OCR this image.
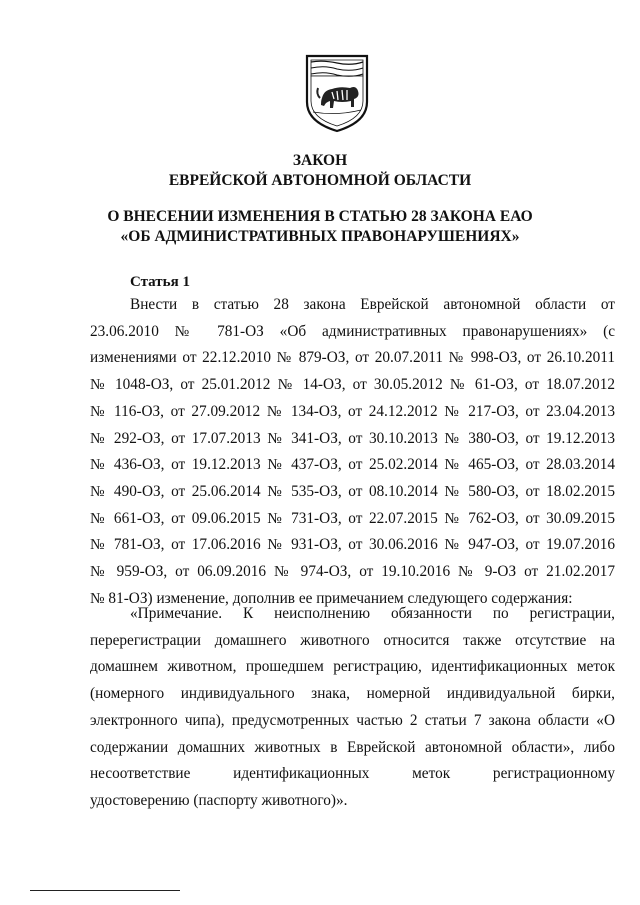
ЗАКОН
ЕВРЕЙСКОЙ АВТОНОМНОЙ ОБЛАСТИ
О ВНЕСЕНИИ ИЗМЕНЕНИЯ В СТАТЬЮ 28 ЗАКОНА ЕАО
«ОБ АДМИНИСТРАТИВНЫХ ПРАВОНАРУШЕНИЯХ»
Статья 1
Внести в статью 28 закона Еврейской автономной области от
23.06.2010 № 781-ОЗ «Об административных правонарушениях» (с
изменениями от 22.12.2010 № 879-ОЗ, от 20.07.2011 № 998-ОЗ, от 26.10.2011
№ 1048-ОЗ, от 25.01.2012 № 14-ОЗ, от 30.05.2012 № 61-ОЗ, от 18.07.2012
№ 116-ОЗ, от 27.09.2012 № 134-ОЗ, от 24.12.2012 № 217-ОЗ, от 23.04.2013
№ 292-ОЗ, от 17.07.2013 № 341-ОЗ, от 30.10.2013 № 380-ОЗ, от 19.12.2013
№ 436-ОЗ, от 19.12.2013 № 437-ОЗ, от 25.02.2014 № 465-ОЗ, от 28.03.2014
№ 490-ОЗ, от 25.06.2014 № 535-ОЗ, от 08.10.2014 № 580-ОЗ, от 18.02.2015
№ 661-ОЗ, от 09.06.2015 № 731-ОЗ, от 22.07.2015 № 762-ОЗ, от 30.09.2015
№ 781-ОЗ, от 17.06.2016 № 931-ОЗ, от 30.06.2016 № 947-ОЗ, от 19.07.2016
№ 959-ОЗ, от 06.09.2016 № 974-ОЗ, от 19.10.2016 № 9-ОЗ от 21.02.2017
№ 81-ОЗ) изменение, дополнив ее примечанием следующего содержания:
«Примечание. К неисполнению обязанности по регистрации,
перерегистрации домашнего животного относится также отсутствие на
домашнем животном, прошедшем регистрацию, идентификационных меток
(номерного индивидуального знака, номерной индивидуальной бирки,
электронного чипа), предусмотренных частью 2 статьи 7 закона области «О
содержании домашних животных в Еврейской автономной области», либо
несоответствие идентификационных меток регистрационному
удостоверению (паспорту животного)».
